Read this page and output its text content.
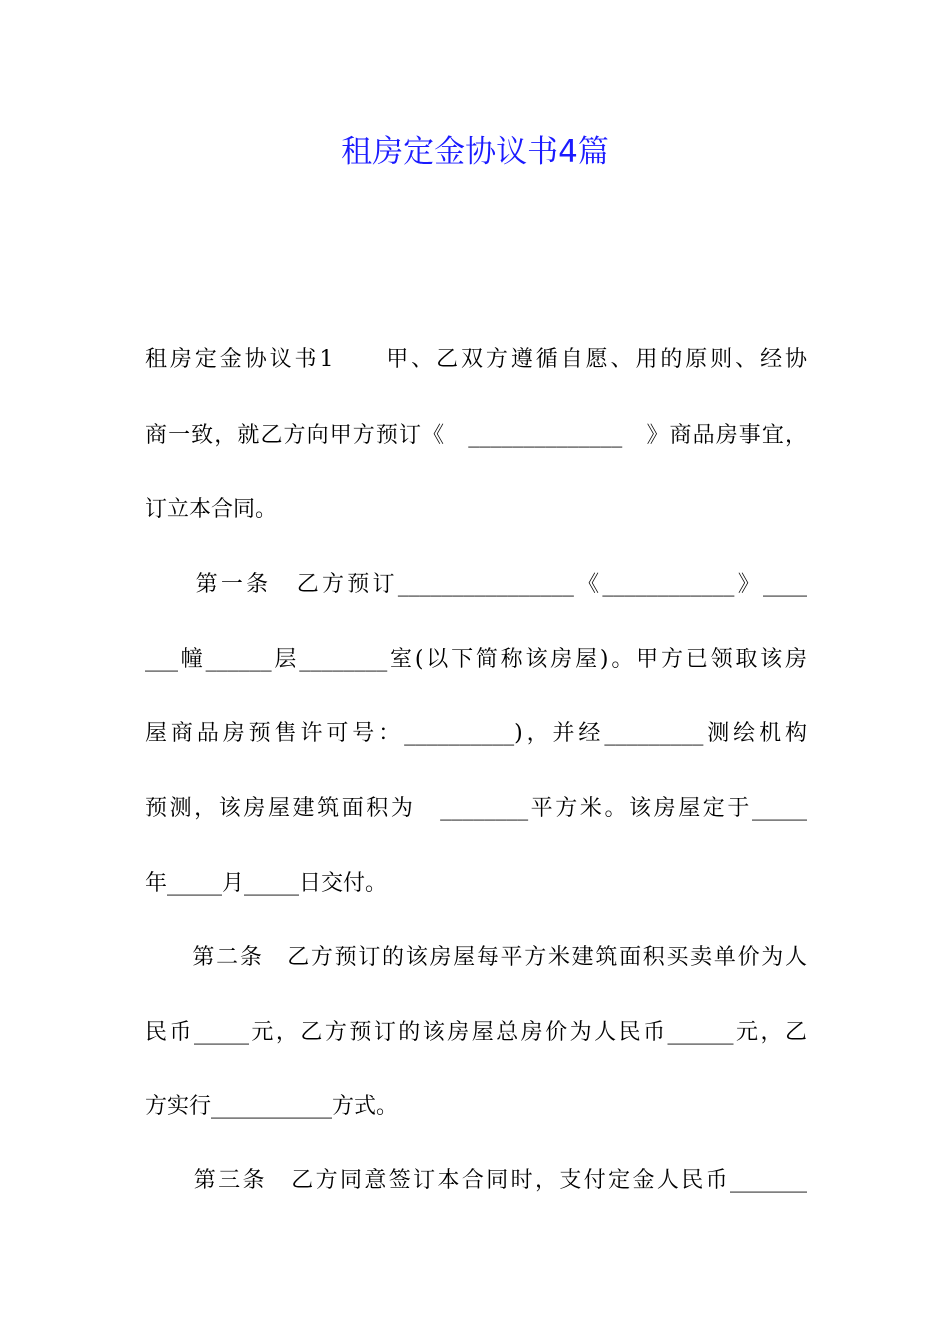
租房定金协议书4篇
租房定金协议书1　　甲、乙双方遵循自愿、用的原则、经协
商一致，就乙方向甲方预订《　______________　》商品房事宜，
订立本合同。
　　第一条　乙方预订________________《____________》____
___幢______层________室(以下简称该房屋)。甲方已领取该房
屋商品房预售许可号：__________)，并经_________测绘机构
预测，该房屋建筑面积为　________平方米。该房屋定于_____
年_____月_____日交付。
　　第二条　乙方预订的该房屋每平方米建筑面积买卖单价为人
民币_____元，乙方预订的该房屋总房价为人民币______元，乙
方实行___________方式。
　　第三条　乙方同意签订本合同时，支付定金人民币_______
